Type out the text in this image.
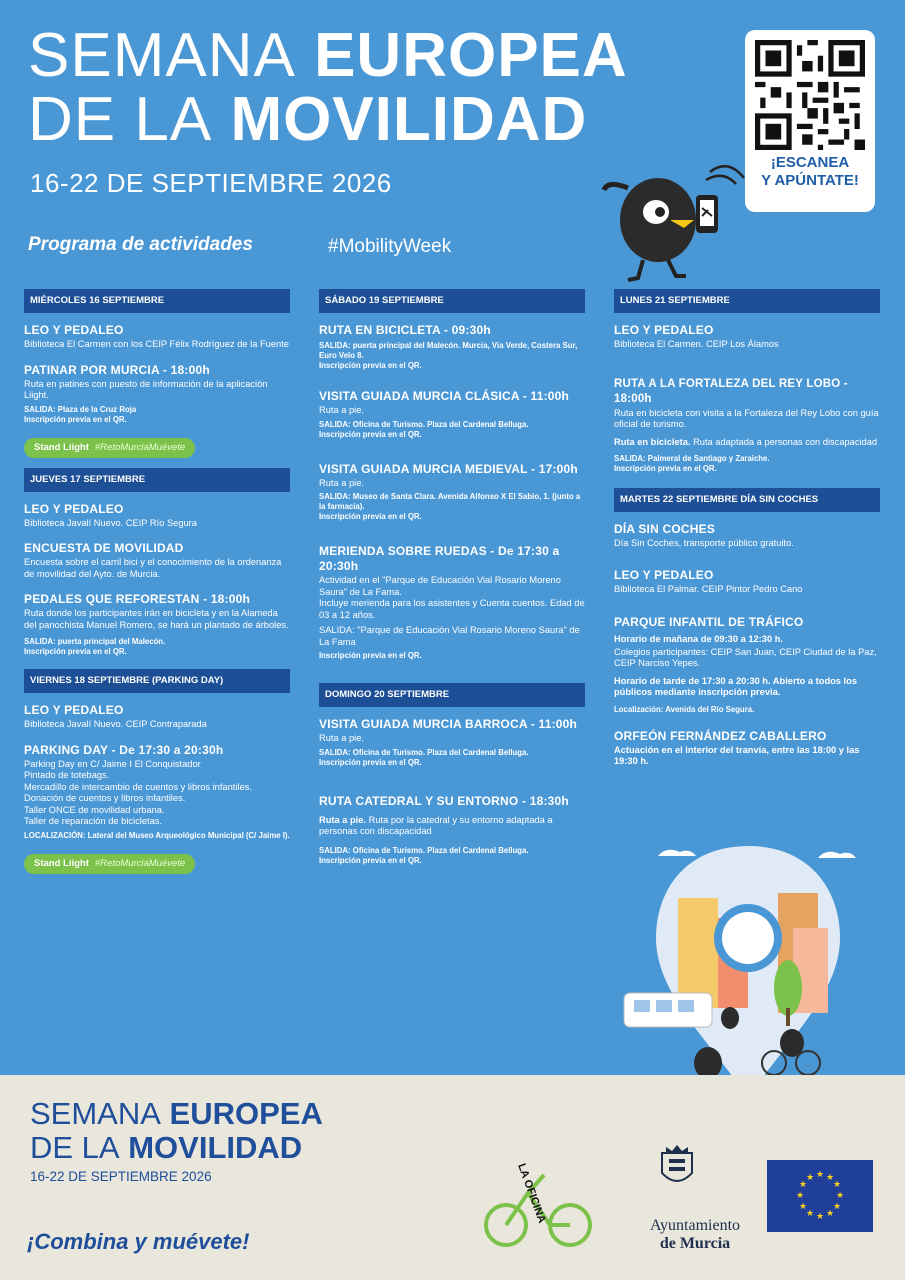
SEMANA EUROPEA
DE LA MOVILIDAD
16-22 DE SEPTIEMBRE 2026
Programa de actividades	#MobilityWeek
¡ESCANEA
Y APÚNTATE!
MIÉRCOLES 16 SEPTIEMBRE
LEO Y PEDALEO

Biblioteca El Carmen con los CEIP Félix Rodríguez de la Fuente

PATINAR POR MURCIA - 18:00h

Ruta en patines con puesto de información de la aplicación Liight.

SALIDA: Plaza de la Cruz Roja
Inscripción previa en el QR.

Stand Liight #RetoMurciaMuévete
JUEVES 17 SEPTIEMBRE
LEO Y PEDALEO

Biblioteca Javalí Nuevo. CEIP Río Segura

ENCUESTA DE MOVILIDAD

Encuesta sobre el carril bici y el conocimiento de la ordenanza de movilidad del Ayto. de Murcia.

PEDALES QUE REFORESTAN - 18:00h

Ruta donde los participantes irán en bicicleta y en la Alameda del panochista Manuel Romero, se hará un plantado de árboles.

SALIDA: puerta principal del Malecón.
Inscripción previa en el QR.

VIERNES 18 SEPTIEMBRE (PARKING DAY)
LEO Y PEDALEO

Biblioteca Javalí Nuevo. CEIP Contraparada

PARKING DAY - De 17:30 a 20:30h

Parking Day en C/ Jaime I El Conquistador
Pintado de totebags.
Mercadillo de intercambio de cuentos y libros infantiles.
Donación de cuentos y libros infantiles.
Taller ONCE de movilidad urbana.
Taller de reparación de bicicletas.

LOCALIZACIÓN: Lateral del Museo Arqueológico Municipal (C/ Jaime I).

Stand Liight #RetoMurciaMuévete
SÁBADO 19 SEPTIEMBRE
RUTA EN BICICLETA - 09:30h

SALIDA: puerta principal del Malecón. Murcia, Vía Verde, Costera Sur, Euro Velo 8.
Inscripción previa en el QR.

VISITA GUIADA MURCIA CLÁSICA - 11:00h

Ruta a pie.

SALIDA: Oficina de Turismo. Plaza del Cardenal Belluga.
Inscripción previa en el QR.

VISITA GUIADA MURCIA MEDIEVAL - 17:00h

Ruta a pie.

SALIDA: Museo de Santa Clara. Avenida Alfonso X El Sabio, 1. (junto a la farmacia).
Inscripción previa en el QR.

MERIENDA SOBRE RUEDAS - De 17:30 a 20:30h

Actividad en el "Parque de Educación Vial Rosario Moreno Saura" de La Fama.
Incluye merienda para los asistentes y Cuenta cuentos. Edad de 03 a 12 años.

SALIDA: "Parque de Educación Vial Rosario Moreno Saura" de La Fama

Inscripción previa en el QR.

DOMINGO 20 SEPTIEMBRE
VISITA GUIADA MURCIA BARROCA - 11:00h

Ruta a pie.

SALIDA: Oficina de Turismo. Plaza del Cardenal Belluga.
Inscripción previa en el QR.

RUTA CATEDRAL Y SU ENTORNO - 18:30h

Ruta a pie. Ruta por la catedral y su entorno adaptada a personas con discapacidad

SALIDA: Oficina de Turismo. Plaza del Cardenal Belluga.
Inscripción previa en el QR.

LUNES 21 SEPTIEMBRE
LEO Y PEDALEO

Biblioteca El Carmen. CEIP Los Álamos

RUTA A LA FORTALEZA DEL REY LOBO - 18:00h

Ruta en bicicleta con visita a la Fortaleza del Rey Lobo con guía oficial de turismo.

Ruta en bicicleta. Ruta adaptada a personas con discapacidad

SALIDA: Palmeral de Santiago y Zaraiche.
Inscripción previa en el QR.

MARTES 22 SEPTIEMBRE DÍA SIN COCHES
DÍA SIN COCHES

Día Sin Coches, transporte público gratuito.

LEO Y PEDALEO

Biblioteca El Palmar. CEIP Pintor Pedro Cano

PARQUE INFANTIL DE TRÁFICO

Horario de mañana de 09:30 a 12:30 h.

Colegios participantes: CEIP San Juan, CEIP Ciudad de la Paz, CEIP Narciso Yepes.

Horario de tarde de 17:30 a 20:30 h. Abierto a todos los públicos mediante inscripción previa.

Localización: Avenida del Río Segura.

ORFEÓN FERNÁNDEZ CABALLERO

Actuación en el interior del tranvía, entre las 18:00 y las 19:30 h.

SEMANA EUROPEA
DE LA MOVILIDAD
16-22 DE SEPTIEMBRE 2026
¡Combina y muévete!
LA OFICINA
Ayuntamiento
de Murcia
★ ★
★
★
★
★
★
★
★
★
★
★
